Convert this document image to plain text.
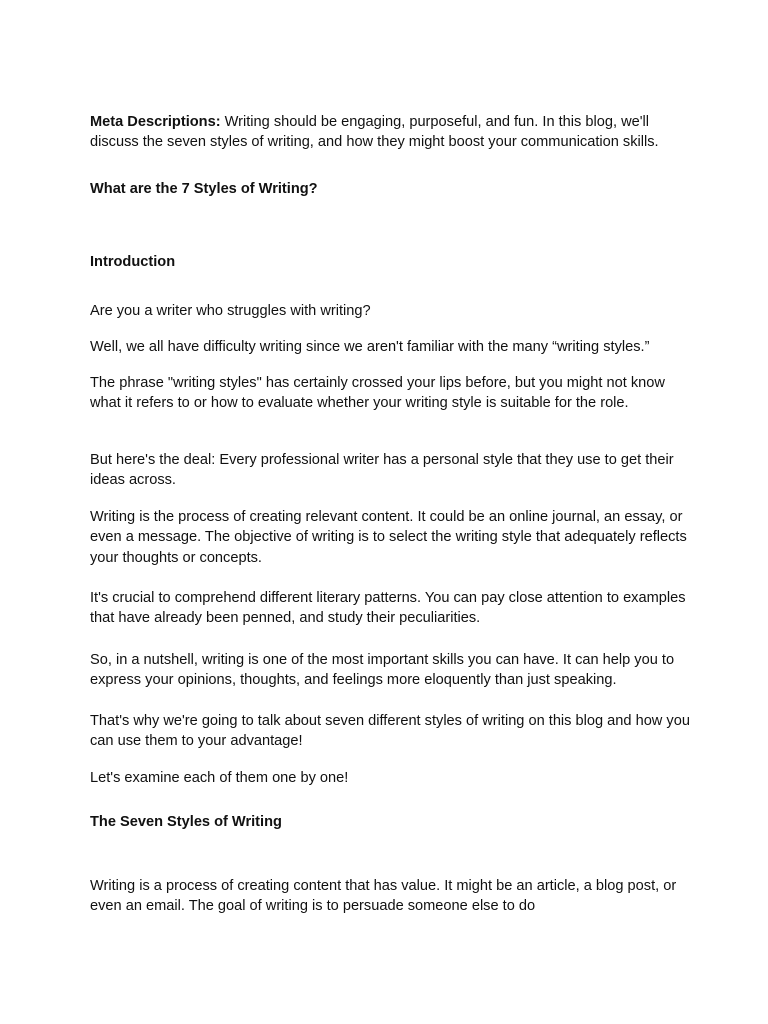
Meta Descriptions: Writing should be engaging, purposeful, and fun. In this blog, we'll discuss the seven styles of writing, and how they might boost your communication skills.

What are the 7 Styles of Writing?

Introduction

Are you a writer who struggles with writing?

Well, we all have difficulty writing since we aren't familiar with the many “writing styles.”

The phrase "writing styles" has certainly crossed your lips before, but you might not know what it refers to or how to evaluate whether your writing style is suitable for the role.

But here's the deal: Every professional writer has a personal style that they use to get their ideas across.

Writing is the process of creating relevant content. It could be an online journal, an essay, or even a message. The objective of writing is to select the writing style that adequately reflects your thoughts or concepts.

It's crucial to comprehend different literary patterns. You can pay close attention to examples that have already been penned, and study their peculiarities.

So, in a nutshell, writing is one of the most important skills you can have. It can help you to express your opinions, thoughts, and feelings more eloquently than just speaking.

That's why we're going to talk about seven different styles of writing on this blog and how you can use them to your advantage!

Let's examine each of them one by one!

The Seven Styles of Writing

Writing is a process of creating content that has value. It might be an article, a blog post, or even an email. The goal of writing is to persuade someone else to do
